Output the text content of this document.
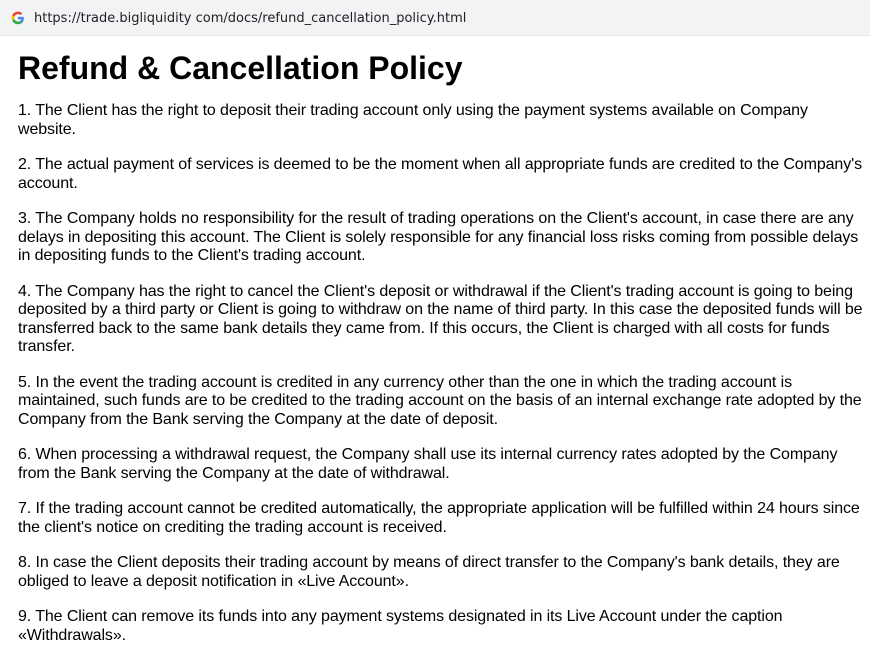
https://trade.bigliquidity com/docs/refund_cancellation_policy.html
Refund & Cancellation Policy

1. The Client has the right to deposit their trading account only using the payment systems available on Company website.

2. The actual payment of services is deemed to be the moment when all appropriate funds are credited to the Company's account.

3. The Company holds no responsibility for the result of trading operations on the Client's account, in case there are any delays in depositing this account. The Client is solely responsible for any financial loss risks coming from possible delays in depositing funds to the Client's trading account.

4. The Company has the right to cancel the Client's deposit or withdrawal if the Client's trading account is going to being deposited by a third party or Client is going to withdraw on the name of third party. In this case the deposited funds will be transferred back to the same bank details they came from. If this occurs, the Client is charged with all costs for funds transfer.

5. In the event the trading account is credited in any currency other than the one in which the trading account is maintained, such funds are to be credited to the trading account on the basis of an internal exchange rate adopted by the Company from the Bank serving the Company at the date of deposit.

6. When processing a withdrawal request, the Company shall use its internal currency rates adopted by the Company from the Bank serving the Company at the date of withdrawal.

7. If the trading account cannot be credited automatically, the appropriate application will be fulfilled within 24 hours since the client's notice on crediting the trading account is received.

8. In case the Client deposits their trading account by means of direct transfer to the Company's bank details, they are obliged to leave a deposit notification in «Live Account».

9. The Client can remove its funds into any payment systems designated in its Live Account under the caption «Withdrawals».
